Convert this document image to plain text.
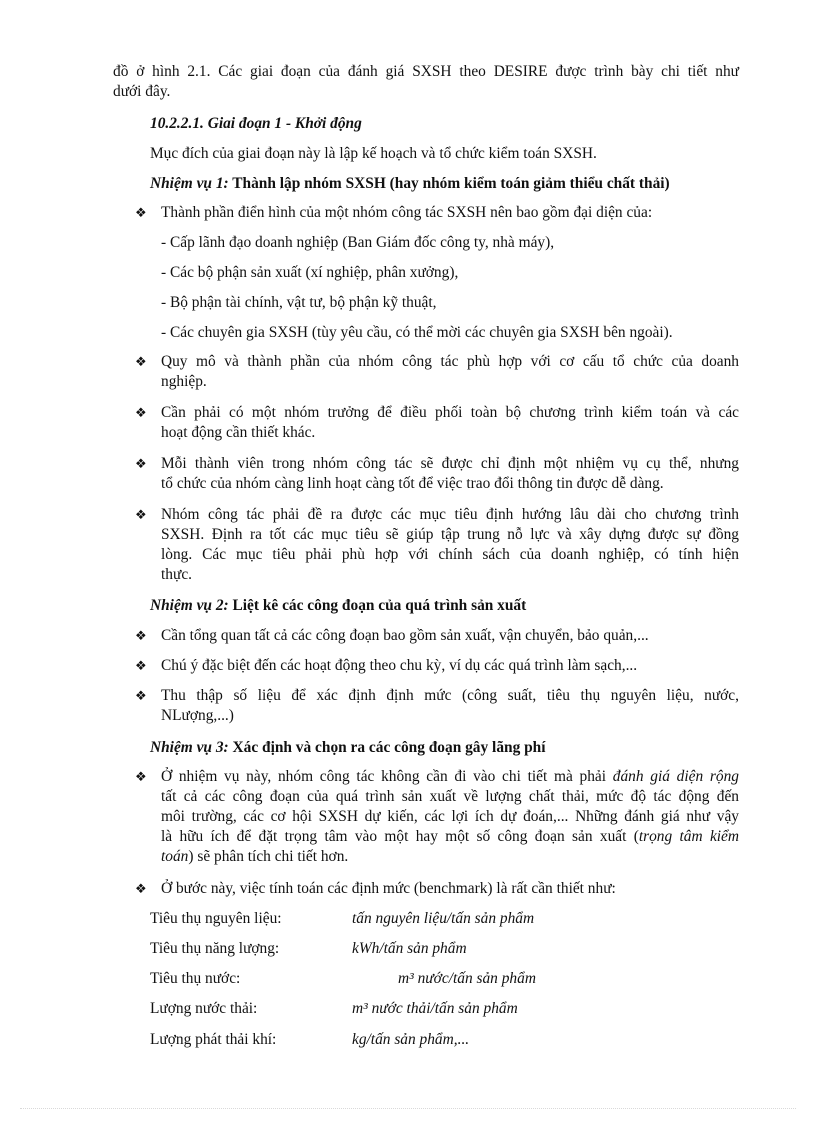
đồ ở hình 2.1. Các giai đoạn của đánh giá SXSH theo DESIRE được trình bày chi tiết như
dưới đây.
10.2.2.1. Giai đoạn 1 - Khởi động
Mục đích của giai đoạn này là lập kế hoạch và tổ chức kiểm toán SXSH.
Nhiệm vụ 1: Thành lập nhóm SXSH (hay nhóm kiểm toán giảm thiểu chất thải)
❖ Thành phần điển hình của một nhóm công tác SXSH nên bao gồm đại diện của:
- Cấp lãnh đạo doanh nghiệp (Ban Giám đốc công ty, nhà máy),
- Các bộ phận sản xuất (xí nghiệp, phân xưởng),
- Bộ phận tài chính, vật tư, bộ phận kỹ thuật,
- Các chuyên gia SXSH (tùy yêu cầu, có thể mời các chuyên gia SXSH bên ngoài).
❖ Quy mô và thành phần của nhóm công tác phù hợp với cơ cấu tổ chức của doanh
nghiệp.
❖ Cần phải có một nhóm trưởng để điều phối toàn bộ chương trình kiểm toán và các
hoạt động cần thiết khác.
❖ Mỗi thành viên trong nhóm công tác sẽ được chỉ định một nhiệm vụ cụ thể, nhưng
tổ chức của nhóm càng linh hoạt càng tốt để việc trao đổi thông tin được dễ dàng.
❖ Nhóm công tác phải đề ra được các mục tiêu định hướng lâu dài cho chương trình
SXSH. Định ra tốt các mục tiêu sẽ giúp tập trung nỗ lực và xây dựng được sự đồng
lòng. Các mục tiêu phải phù hợp với chính sách của doanh nghiệp, có tính hiện
thực.
Nhiệm vụ 2: Liệt kê các công đoạn của quá trình sản xuất
❖ Cần tổng quan tất cả các công đoạn bao gồm sản xuất, vận chuyển, bảo quản,...
❖ Chú ý đặc biệt đến các hoạt động theo chu kỳ, ví dụ các quá trình làm sạch,...
❖ Thu thập số liệu để xác định định mức (công suất, tiêu thụ nguyên liệu, nước,
NLượng,...)
Nhiệm vụ 3: Xác định và chọn ra các công đoạn gây lãng phí
❖ Ở nhiệm vụ này, nhóm công tác không cần đi vào chi tiết mà phải đánh giá diện rộng
tất cả các công đoạn của quá trình sản xuất về lượng chất thải, mức độ tác động đến
môi trường, các cơ hội SXSH dự kiến, các lợi ích dự đoán,... Những đánh giá như vậy
là hữu ích để đặt trọng tâm vào một hay một số công đoạn sản xuất (trọng tâm kiểm
toán) sẽ phân tích chi tiết hơn.
❖ Ở bước này, việc tính toán các định mức (benchmark) là rất cần thiết như:
Tiêu thụ nguyên liệu:	tấn nguyên liệu/tấn sản phẩm
Tiêu thụ năng lượng:	kWh/tấn sản phẩm
Tiêu thụ nước:	m³ nước/tấn sản phẩm
Lượng nước thải:	m³ nước thải/tấn sản phẩm
Lượng phát thải khí:	kg/tấn sản phẩm,...
